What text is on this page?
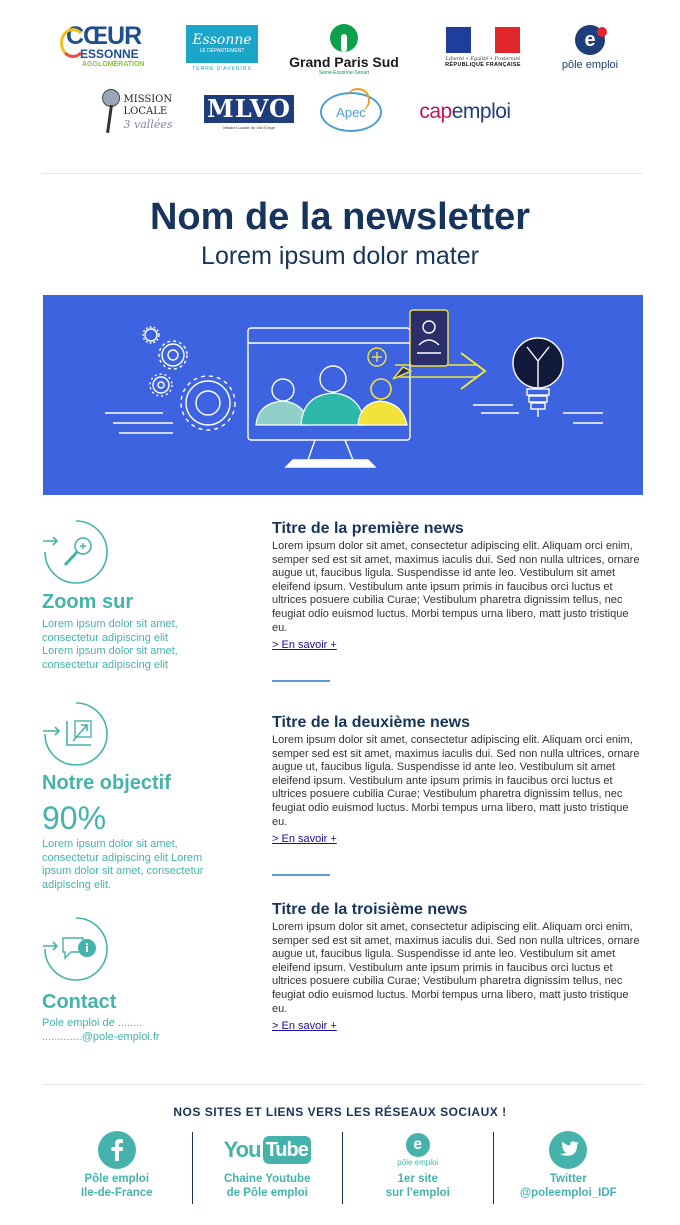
CŒUR
ESSONNE
AGGLOMÉRATION
Essonne
LE DÉPARTEMENT
TERRE D'AVENIRS	Grand Paris Sud
Seine-Essonne-Sénart
Liberté • Égalité • Fraternité
RÉPUBLIQUE FRANÇAISE
e
pôle emploi
MISSION
LOCALE
3 vallées
MLVO
Mission Locale du Val d'Orge
Apec	capemploi
Nom de la newsletter
Lorem ipsum dolor mater
Zoom sur
Lorem ipsum dolor sit amet, consectetur adipiscing elit Lorem ipsum dolor sit amet, consectetur adipiscing elit
Notre objectif
90%
Lorem ipsum dolor sit amet, consectetur adipiscing elit Lorem ipsum dolor sit amet, consectetur adipiscing elit.
Contact
Pole emploi de ........
.............@pole-emploi.fr
Titre de la première news
Lorem ipsum dolor sit amet, consectetur adipiscing elit. Aliquam orci enim, semper sed est sit amet, maximus iaculis dui. Sed non nulla ultrices, ornare augue ut, faucibus ligula. Suspendisse id ante leo. Vestibulum sit amet eleifend ipsum. Vestibulum ante ipsum primis in faucibus orci luctus et ultrices posuere cubilia Curae; Vestibulum pharetra dignissim tellus, nec feugiat odio euismod luctus. Morbi tempus urna libero, matt justo tristique eu.
> En savoir +
Titre de la deuxième news
Lorem ipsum dolor sit amet, consectetur adipiscing elit. Aliquam orci enim, semper sed est sit amet, maximus iaculis dui. Sed non nulla ultrices, ornare augue ut, faucibus ligula. Suspendisse id ante leo. Vestibulum sit amet eleifend ipsum. Vestibulum ante ipsum primis in faucibus orci luctus et ultrices posuere cubilia Curae; Vestibulum pharetra dignissim tellus, nec feugiat odio euismod luctus. Morbi tempus urna libero, matt justo tristique eu.
> En savoir +
Titre de la troisième news
Lorem ipsum dolor sit amet, consectetur adipiscing elit. Aliquam orci enim, semper sed est sit amet, maximus iaculis dui. Sed non nulla ultrices, ornare augue ut, faucibus ligula. Suspendisse id ante leo. Vestibulum sit amet eleifend ipsum. Vestibulum ante ipsum primis in faucibus orci luctus et ultrices posuere cubilia Curae; Vestibulum pharetra dignissim tellus, nec feugiat odio euismod luctus. Morbi tempus urna libero, matt justo tristique eu.
> En savoir +
NOS SITES ET LIENS VERS LES RÉSEAUX SOCIAUX !
Pôle emploi
Ile-de-France
You Tube
Chaine Youtube
de Pôle emploi
e
pôle emploi
1er site
sur l'emploi
Twitter
@poleemploi_IDF
